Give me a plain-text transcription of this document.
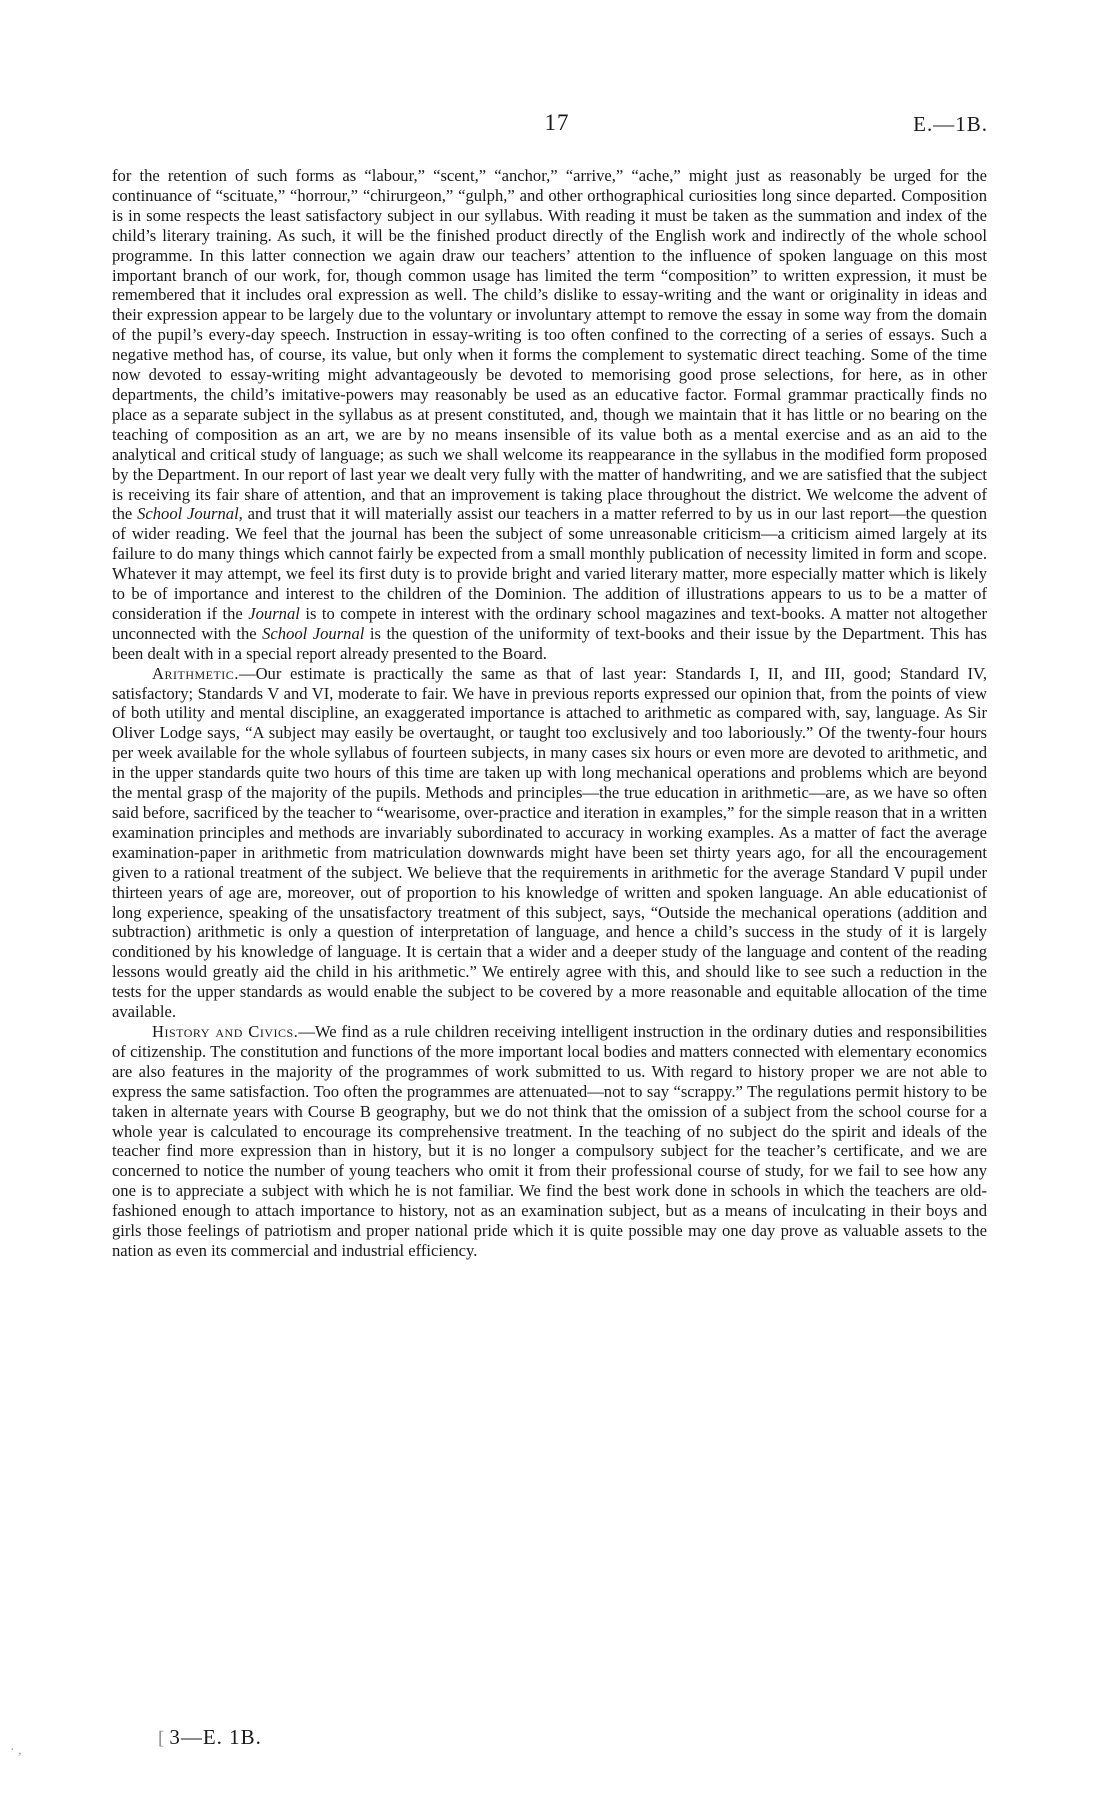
17	E.—1B.

for the retention of such forms as “labour,” “scent,” “anchor,” “arrive,” “ache,” might just as reasonably be urged for the continuance of “scituate,” “horrour,” “chirurgeon,” “gulph,” and other orthographical curiosities long since departed. Composition is in some respects the least satisfactory subject in our syllabus. With reading it must be taken as the summation and index of the child’s literary training. As such, it will be the finished product directly of the English work and indirectly of the whole school programme. In this latter connection we again draw our teachers’ attention to the influence of spoken language on this most important branch of our work, for, though common usage has limited the term “composition” to written expression, it must be remembered that it includes oral expression as well. The child’s dislike to essay-writing and the want or originality in ideas and their expression appear to be largely due to the voluntary or involuntary attempt to remove the essay in some way from the domain of the pupil’s every-day speech. Instruction in essay-writing is too often confined to the correcting of a series of essays. Such a negative method has, of course, its value, but only when it forms the complement to systematic direct teaching. Some of the time now devoted to essay-writing might advantageously be devoted to memorising good prose selections, for here, as in other departments, the child’s imitative-powers may reasonably be used as an educative factor. Formal grammar practically finds no place as a separate subject in the syllabus as at present constituted, and, though we maintain that it has little or no bearing on the teaching of composition as an art, we are by no means insensible of its value both as a mental exercise and as an aid to the analytical and critical study of language; as such we shall welcome its reappearance in the syllabus in the modified form proposed by the Department. In our report of last year we dealt very fully with the matter of handwriting, and we are satisfied that the subject is receiving its fair share of attention, and that an improvement is taking place throughout the district. We welcome the advent of the School Journal, and trust that it will materially assist our teachers in a matter referred to by us in our last report—the question of wider reading. We feel that the journal has been the subject of some unreasonable criticism—a criticism aimed largely at its failure to do many things which cannot fairly be expected from a small monthly publication of necessity limited in form and scope. Whatever it may attempt, we feel its first duty is to provide bright and varied literary matter, more especially matter which is likely to be of importance and interest to the children of the Dominion. The addition of illustrations appears to us to be a matter of consideration if the Journal is to compete in interest with the ordinary school magazines and text-books. A matter not altogether unconnected with the School Journal is the question of the uniformity of text-books and their issue by the Department. This has been dealt with in a special report already presented to the Board.

Arithmetic.—Our estimate is practically the same as that of last year: Standards I, II, and III, good; Standard IV, satisfactory; Standards V and VI, moderate to fair. We have in previous reports expressed our opinion that, from the points of view of both utility and mental discipline, an exaggerated importance is attached to arithmetic as compared with, say, language. As Sir Oliver Lodge says, “A subject may easily be overtaught, or taught too exclusively and too laboriously.” Of the twenty-four hours per week available for the whole syllabus of fourteen subjects, in many cases six hours or even more are devoted to arithmetic, and in the upper standards quite two hours of this time are taken up with long mechanical operations and problems which are beyond the mental grasp of the majority of the pupils. Methods and principles—the true education in arithmetic—are, as we have so often said before, sacrificed by the teacher to “wearisome, over-practice and iteration in examples,” for the simple reason that in a written examination principles and methods are invariably subordinated to accuracy in working examples. As a matter of fact the average examination-paper in arithmetic from matriculation downwards might have been set thirty years ago, for all the encouragement given to a rational treatment of the subject. We believe that the requirements in arithmetic for the average Standard V pupil under thirteen years of age are, moreover, out of proportion to his knowledge of written and spoken language. An able educationist of long experience, speaking of the unsatisfactory treatment of this subject, says, “Outside the mechanical operations (addition and subtraction) arithmetic is only a question of interpretation of language, and hence a child’s success in the study of it is largely conditioned by his knowledge of language. It is certain that a wider and a deeper study of the language and content of the reading lessons would greatly aid the child in his arithmetic.” We entirely agree with this, and should like to see such a reduction in the tests for the upper standards as would enable the subject to be covered by a more reasonable and equitable allocation of the time available.

History and Civics.—We find as a rule children receiving intelligent instruction in the ordinary duties and responsibilities of citizenship. The constitution and functions of the more important local bodies and matters connected with elementary economics are also features in the majority of the programmes of work submitted to us. With regard to history proper we are not able to express the same satisfaction. Too often the programmes are attenuated—not to say “scrappy.” The regulations permit history to be taken in alternate years with Course B geography, but we do not think that the omission of a subject from the school course for a whole year is calculated to encourage its comprehensive treatment. In the teaching of no subject do the spirit and ideals of the teacher find more expression than in history, but it is no longer a compulsory subject for the teacher’s certificate, and we are concerned to notice the number of young teachers who omit it from their professional course of study, for we fail to see how any one is to appreciate a subject with which he is not familiar. We find the best work done in schools in which the teachers are old-fashioned enough to attach importance to history, not as an examination subject, but as a means of inculcating in their boys and girls those feelings of patriotism and proper national pride which it is quite possible may one day prove as valuable assets to the nation as even its commercial and industrial efficiency.

[ 3—E. 1B.
· ,
